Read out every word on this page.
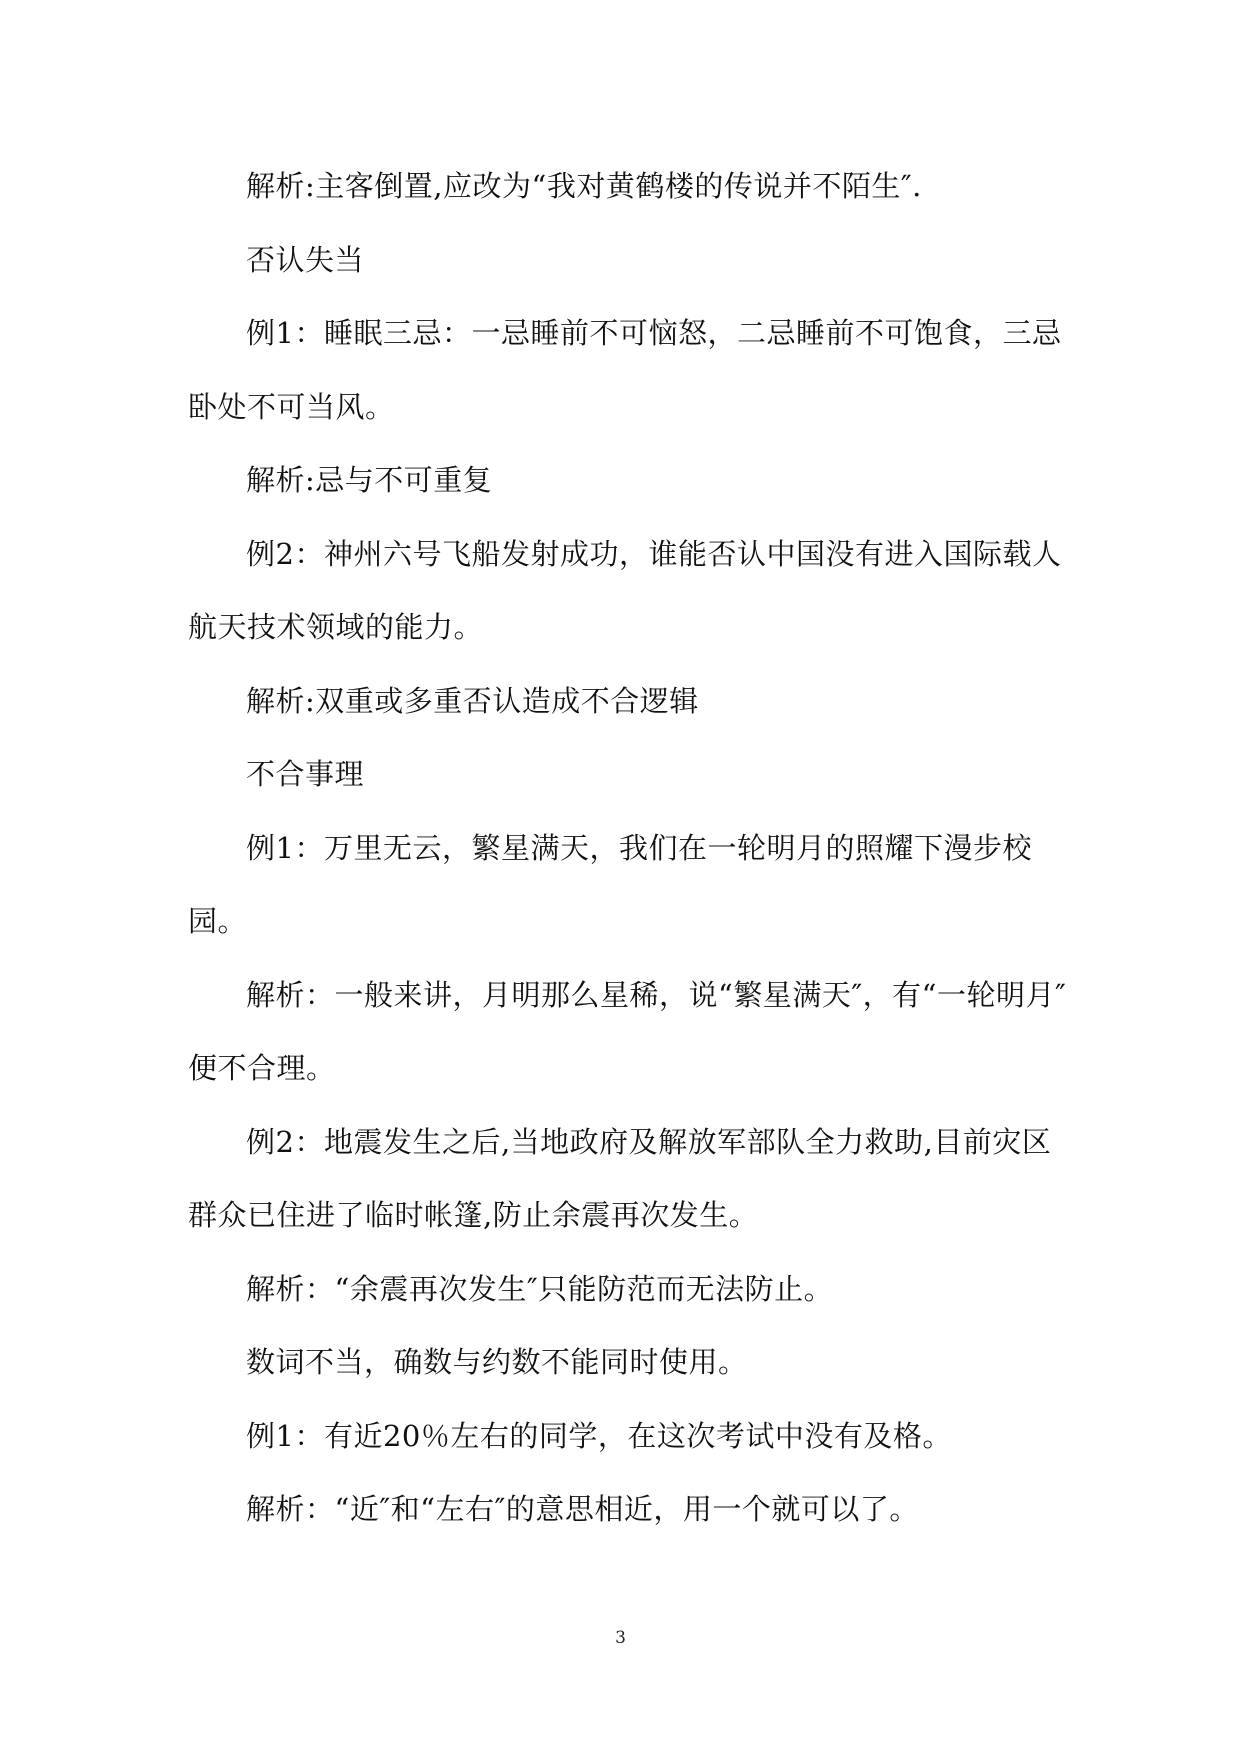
解析:主客倒置,应改为“我对黄鹤楼的传说并不陌生″.

否认失当

例1：睡眠三忌：一忌睡前不可恼怒，二忌睡前不可饱食，三忌卧处不可当风。

解析:忌与不可重复

例2：神州六号飞船发射成功，谁能否认中国没有进入国际载人航天技术领域的能力。

解析:双重或多重否认造成不合逻辑

不合事理

例1：万里无云，繁星满天，我们在一轮明月的照耀下漫步校园。

解析：一般来讲，月明那么星稀，说“繁星满天″，有“一轮明月″便不合理。

例2：地震发生之后,当地政府及解放军部队全力救助,目前灾区群众已住进了临时帐篷,防止余震再次发生。

解析：“余震再次发生″只能防范而无法防止。

数词不当，确数与约数不能同时使用。

例1：有近20％左右的同学，在这次考试中没有及格。

解析：“近″和“左右″的意思相近，用一个就可以了。

3
